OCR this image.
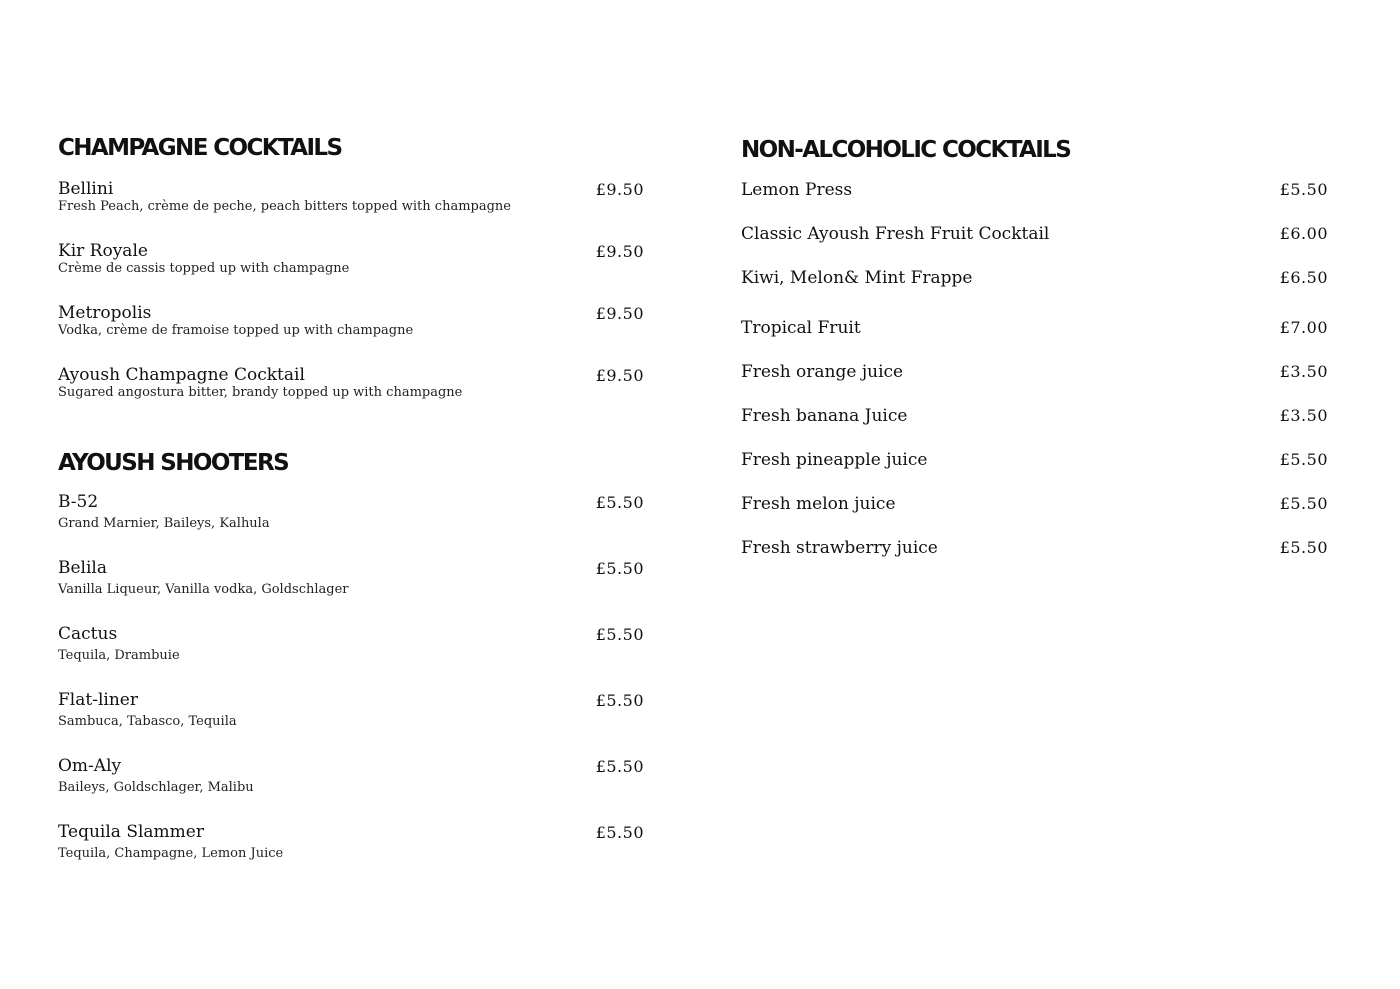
CHAMPAGNE COCKTAILS
Bellini
Fresh Peach, crème de peche, peach bitters topped with champagne
£9.50
Kir Royale
Crème de cassis topped up with champagne
£9.50
Metropolis
Vodka, crème de framoise topped up with champagne
£9.50
Ayoush Champagne Cocktail
Sugared angostura bitter, brandy topped up with champagne
£9.50
AYOUSH SHOOTERS
B-52
Grand Marnier, Baileys, Kalhula
£5.50
Belila
Vanilla Liqueur, Vanilla vodka, Goldschlager
£5.50
Cactus
Tequila, Drambuie
£5.50
Flat-liner
Sambuca, Tabasco, Tequila
£5.50
Om-Aly
Baileys, Goldschlager, Malibu
£5.50
Tequila Slammer
Tequila, Champagne, Lemon Juice
£5.50
NON-ALCOHOLIC COCKTAILS
Lemon Press	£5.50
Classic Ayoush Fresh Fruit Cocktail	£6.00
Kiwi, Melon& Mint Frappe	£6.50
Tropical Fruit	£7.00
Fresh orange juice	£3.50
Fresh banana Juice	£3.50
Fresh pineapple juice	£5.50
Fresh melon juice	£5.50
Fresh strawberry juice	£5.50
